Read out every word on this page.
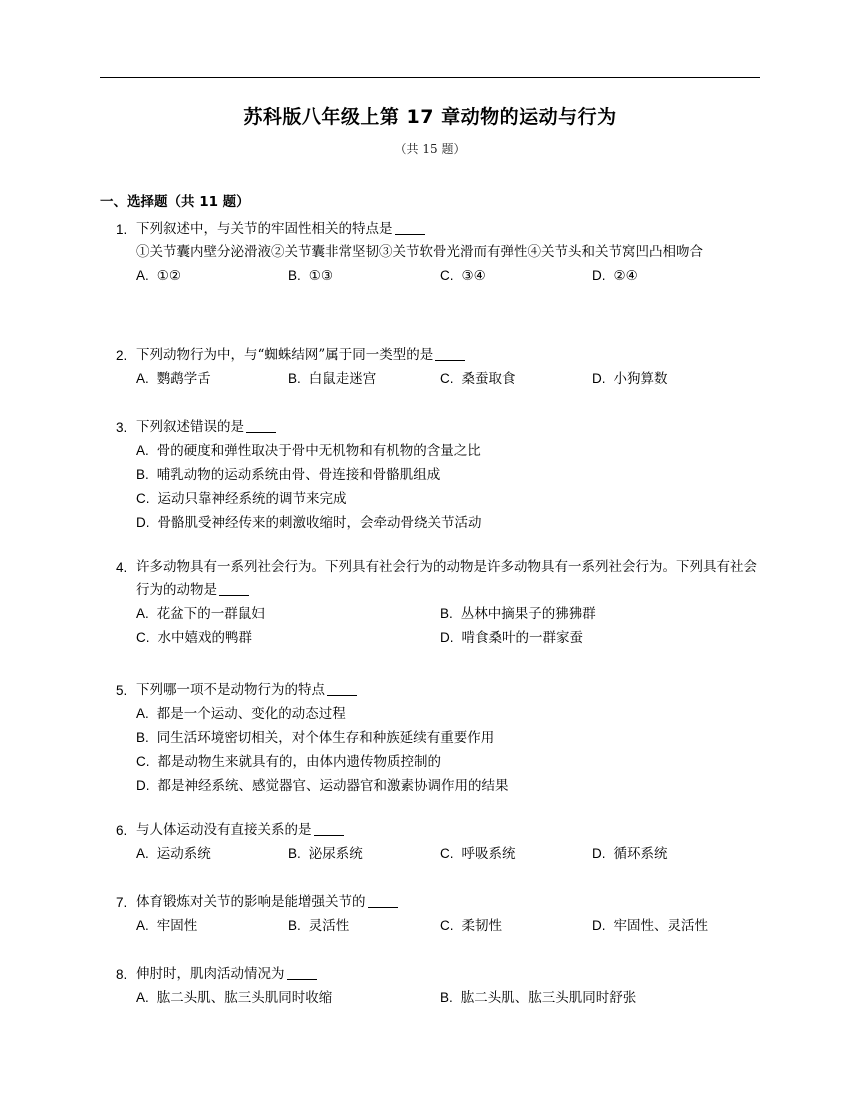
苏科版八年级上第 17 章动物的运动与行为
（共 15 题）
一、选择题（共 11 题）
1. 下列叙述中，与关节的牢固性相关的特点是
①关节囊内壁分泌滑液②关节囊非常坚韧③关节软骨光滑而有弹性④关节头和关节窝凹凸相吻合
A. ①②	B. ①③	C. ③④	D. ②④
2. 下列动物行为中，与“蜘蛛结网”属于同一类型的是
A. 鹦鹉学舌	B. 白鼠走迷宫	C. 桑蚕取食	D. 小狗算数
3. 下列叙述错误的是
A. 骨的硬度和弹性取决于骨中无机物和有机物的含量之比
B. 哺乳动物的运动系统由骨、骨连接和骨骼肌组成
C. 运动只靠神经系统的调节来完成
D. 骨骼肌受神经传来的刺激收缩时，会牵动骨绕关节活动
4. 许多动物具有一系列社会行为。下列具有社会行为的动物是许多动物具有一系列社会行为。下列具有社会行为的动物是
A. 花盆下的一群鼠妇	B. 丛林中摘果子的狒狒群
C. 水中嬉戏的鸭群	D. 啃食桑叶的一群家蚕
5. 下列哪一项不是动物行为的特点
A. 都是一个运动、变化的动态过程
B. 同生活环境密切相关，对个体生存和种族延续有重要作用
C. 都是动物生来就具有的，由体内遗传物质控制的
D. 都是神经系统、感觉器官、运动器官和激素协调作用的结果
6. 与人体运动没有直接关系的是
A. 运动系统	B. 泌尿系统	C. 呼吸系统	D. 循环系统
7. 体育锻炼对关节的影响是能增强关节的
A. 牢固性	B. 灵活性	C. 柔韧性	D. 牢固性、灵活性
8. 伸肘时，肌肉活动情况为
A. 肱二头肌、肱三头肌同时收缩	B. 肱二头肌、肱三头肌同时舒张
